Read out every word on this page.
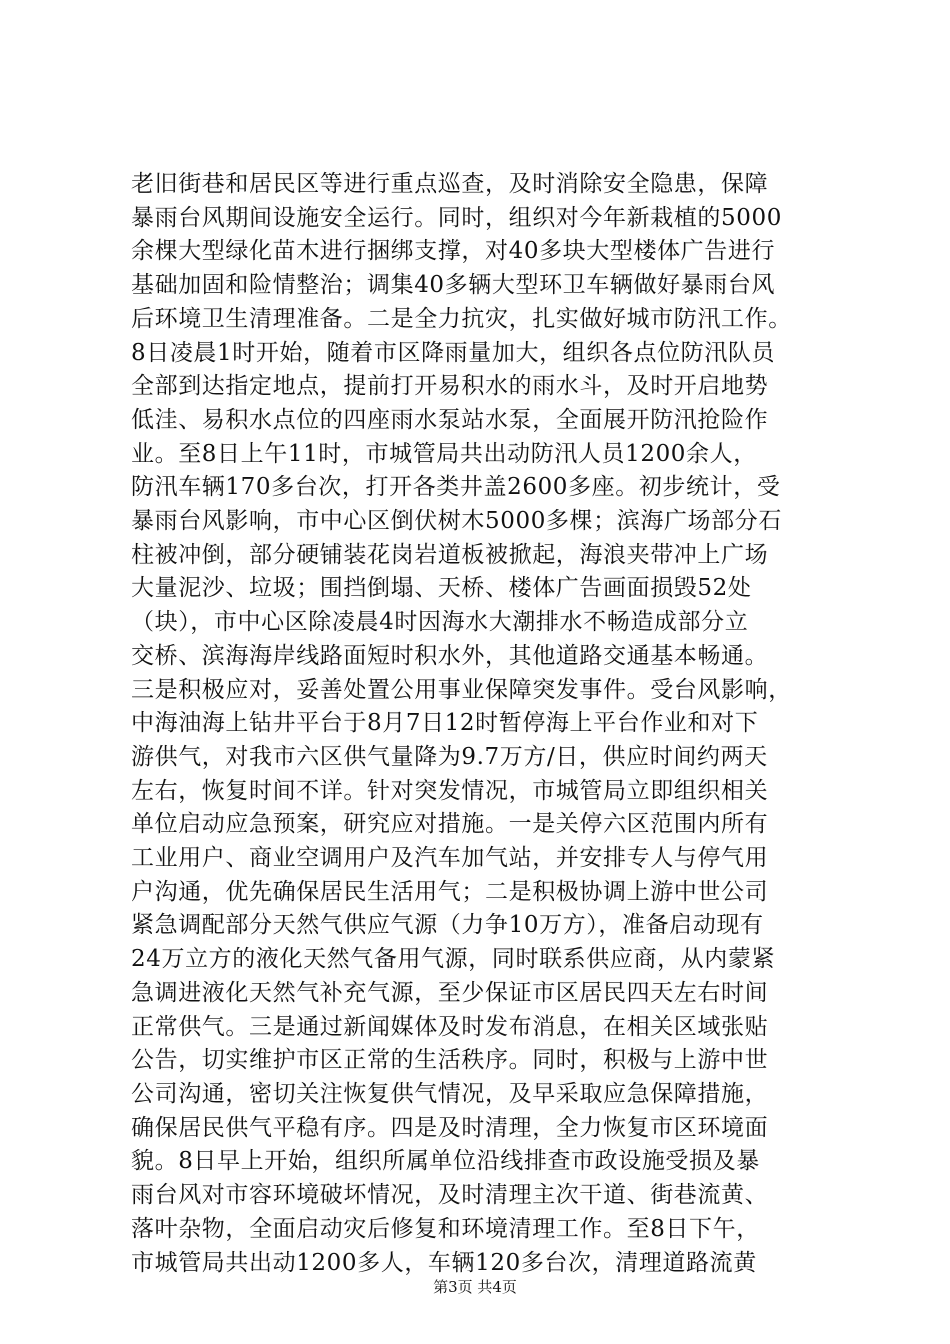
老旧街巷和居民区等进行重点巡查，及时消除安全隐患，保障
暴雨台风期间设施安全运行。同时，组织对今年新栽植的5000
余棵大型绿化苗木进行捆绑支撑，对40多块大型楼体广告进行
基础加固和险情整治；调集40多辆大型环卫车辆做好暴雨台风
后环境卫生清理准备。二是全力抗灾，扎实做好城市防汛工作。
8日凌晨1时开始，随着市区降雨量加大，组织各点位防汛队员
全部到达指定地点，提前打开易积水的雨水斗，及时开启地势
低洼、易积水点位的四座雨水泵站水泵，全面展开防汛抢险作
业。至8日上午11时，市城管局共出动防汛人员1200余人，
防汛车辆170多台次，打开各类井盖2600多座。初步统计，受
暴雨台风影响，市中心区倒伏树木5000多棵；滨海广场部分石
柱被冲倒，部分硬铺装花岗岩道板被掀起，海浪夹带冲上广场
大量泥沙、垃圾；围挡倒塌、天桥、楼体广告画面损毁52处
（块），市中心区除凌晨4时因海水大潮排水不畅造成部分立
交桥、滨海海岸线路面短时积水外，其他道路交通基本畅通。
三是积极应对，妥善处置公用事业保障突发事件。受台风影响，
中海油海上钻井平台于8月7日12时暂停海上平台作业和对下
游供气，对我市六区供气量降为9.7万方/日，供应时间约两天
左右，恢复时间不详。针对突发情况，市城管局立即组织相关
单位启动应急预案，研究应对措施。一是关停六区范围内所有
工业用户、商业空调用户及汽车加气站，并安排专人与停气用
户沟通，优先确保居民生活用气；二是积极协调上游中世公司
紧急调配部分天然气供应气源（力争10万方），准备启动现有
24万立方的液化天然气备用气源，同时联系供应商，从内蒙紧
急调进液化天然气补充气源，至少保证市区居民四天左右时间
正常供气。三是通过新闻媒体及时发布消息，在相关区域张贴
公告，切实维护市区正常的生活秩序。同时，积极与上游中世
公司沟通，密切关注恢复供气情况，及早采取应急保障措施，
确保居民供气平稳有序。四是及时清理，全力恢复市区环境面
貌。8日早上开始，组织所属单位沿线排查市政设施受损及暴
雨台风对市容环境破坏情况，及时清理主次干道、街巷流黄、
落叶杂物，全面启动灾后修复和环境清理工作。至8日下午，
市城管局共出动1200多人，车辆120多台次，清理道路流黄
第3页 共4页
